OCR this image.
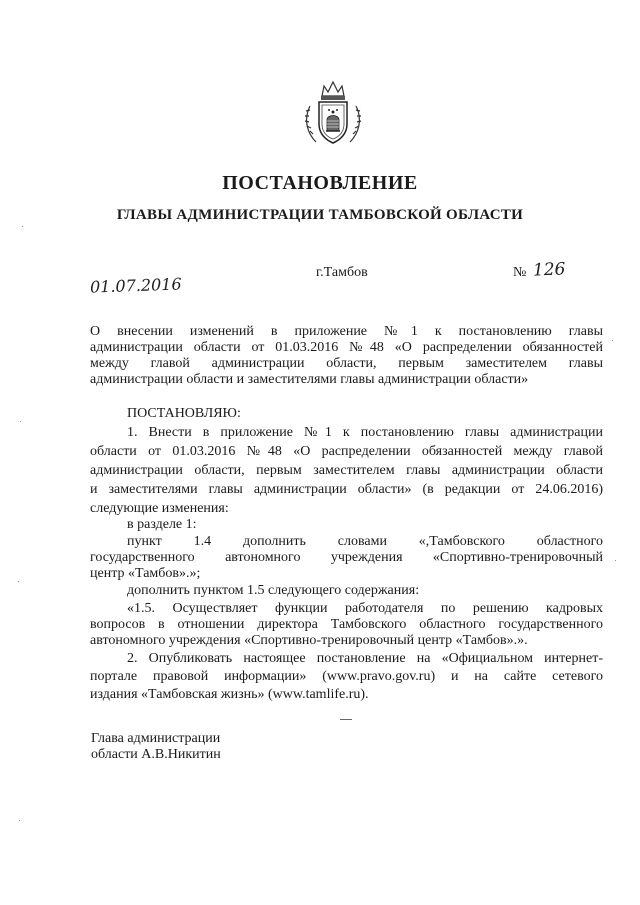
ПОСТАНОВЛЕНИЕ
ГЛАВЫ АДМИНИСТРАЦИИ ТАМБОВСКОЙ ОБЛАСТИ
01.07.2016
г.Тамбов	№ 126

О внесении изменений в приложение №1 к постановлению главы

администрации области от 01.03.2016 №48 «О распределении обязанностей

между главой администрации области, первым заместителем главы

администрации области и заместителями главы администрации области»

ПОСТАНОВЛЯЮ:

1. Внести в приложение №1 к постановлению главы администрации

области от 01.03.2016 №48 «О распределении обязанностей между главой

администрации области, первым заместителем главы администрации области

и заместителями главы администрации области» (в редакции от 24.06.2016)

следующие изменения:

в разделе 1:

пункт 1.4 дополнить словами «,Тамбовского областного

государственного автономного учреждения «Спортивно-тренировочный

центр «Тамбов».»;

дополнить пунктом 1.5 следующего содержания:

«1.5. Осуществляет функции работодателя по решению кадровых

вопросов в отношении директора Тамбовского областного государственного

автономного учреждения «Спортивно-тренировочный центр «Тамбов».».

2. Опубликовать настоящее постановление на «Официальном интернет-

портале правовой информации» (www.pravo.gov.ru) и на сайте сетевого

издания «Тамбовская жизнь» (www.tamlife.ru).

Глава администрации
области А.В.Никитин
